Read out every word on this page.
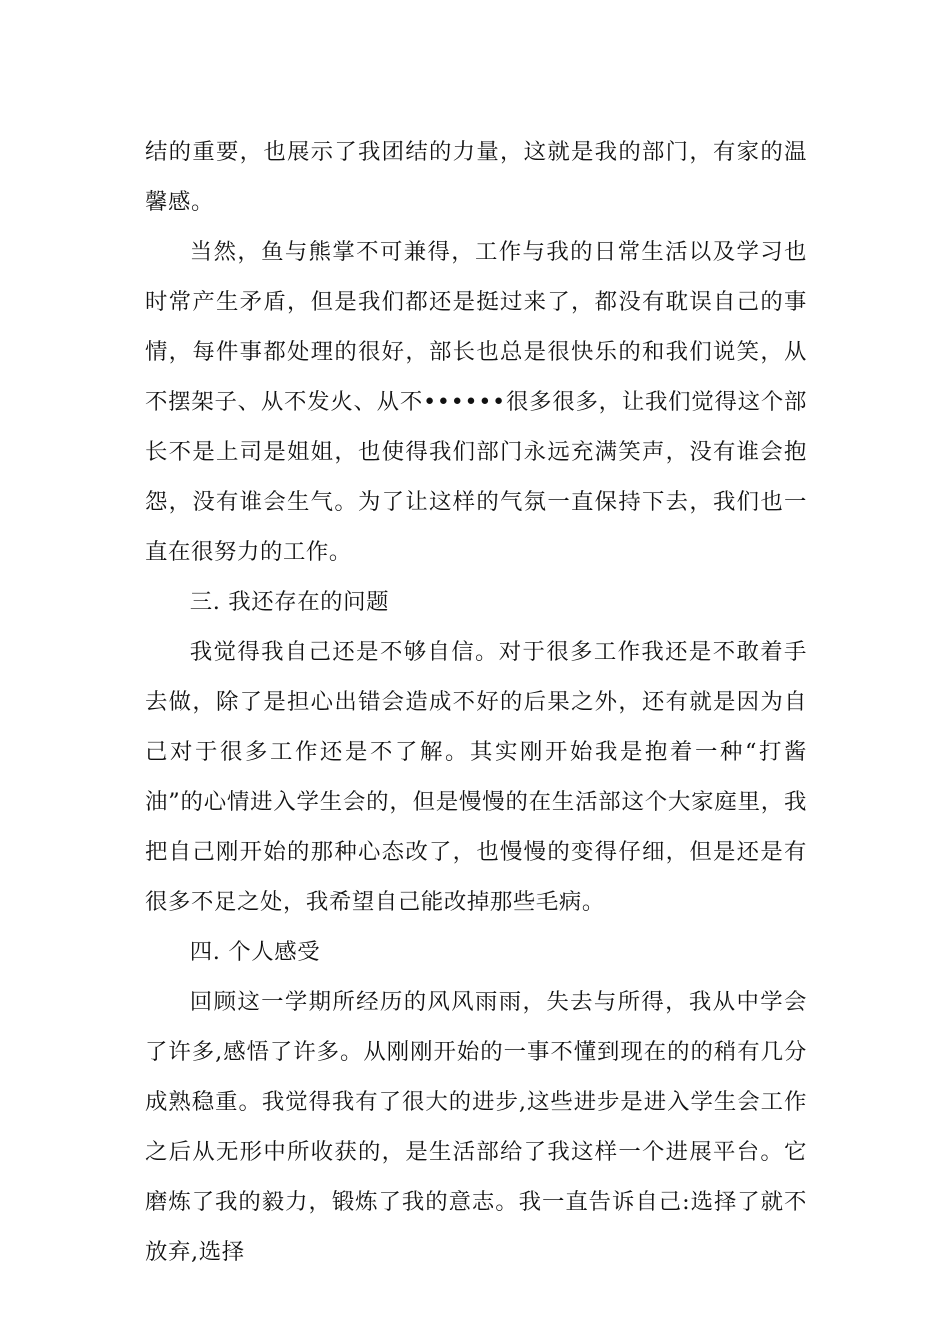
结的重要，也展示了我团结的力量，这就是我的部门，有家的温馨感。

当然，鱼与熊掌不可兼得，工作与我的日常生活以及学习也时常产生矛盾，但是我们都还是挺过来了，都没有耽误自己的事情，每件事都处理的很好，部长也总是很快乐的和我们说笑，从不摆架子、从不发火、从不••••••很多很多，让我们觉得这个部长不是上司是姐姐，也使得我们部门永远充满笑声，没有谁会抱怨，没有谁会生气。为了让这样的气氛一直保持下去，我们也一直在很努力的工作。

三. 我还存在的问题

我觉得我自己还是不够自信。对于很多工作我还是不敢着手去做，除了是担心出错会造成不好的后果之外，还有就是因为自己对于很多工作还是不了解。其实刚开始我是抱着一种“打酱油”的心情进入学生会的，但是慢慢的在生活部这个大家庭里，我把自己刚开始的那种心态改了，也慢慢的变得仔细，但是还是有很多不足之处，我希望自己能改掉那些毛病。

四. 个人感受

回顾这一学期所经历的风风雨雨，失去与所得，我从中学会了许多,感悟了许多。从刚刚开始的一事不懂到现在的的稍有几分成熟稳重。我觉得我有了很大的进步,这些进步是进入学生会工作之后从无形中所收获的，是生活部给了我这样一个进展平台。它磨炼了我的毅力，锻炼了我的意志。我一直告诉自己:选择了就不放弃,选择
